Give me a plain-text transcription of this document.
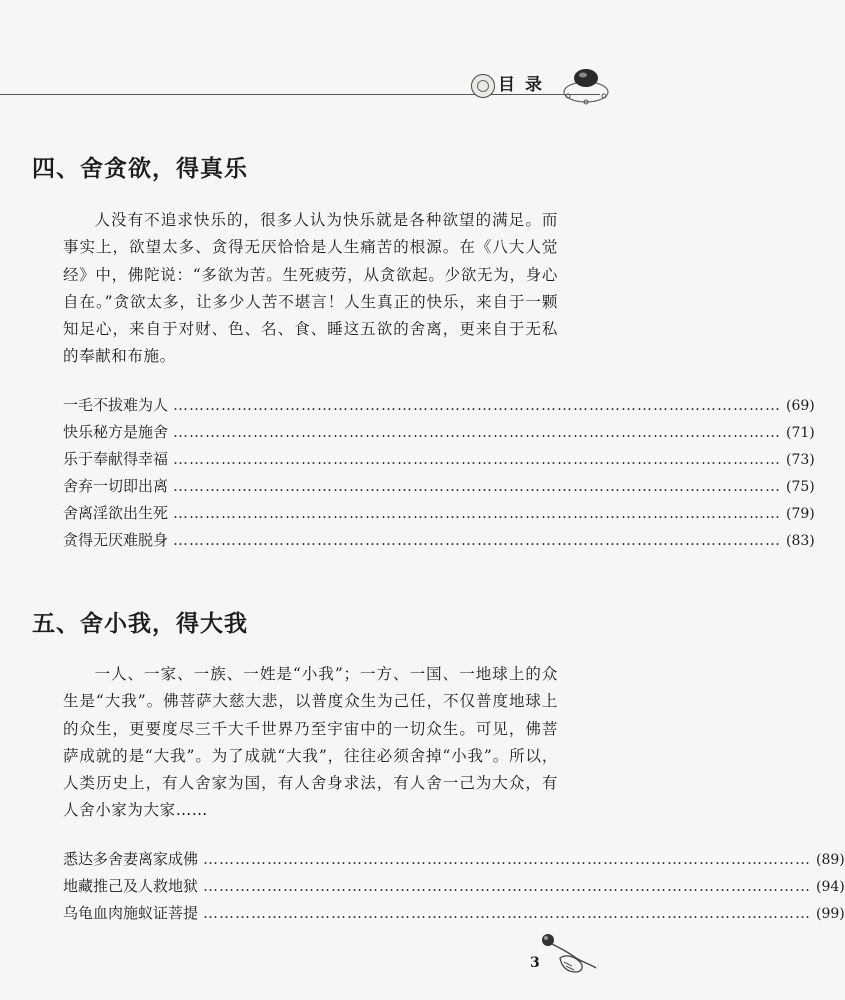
目录
四、舍贪欲，得真乐

人没有不追求快乐的，很多人认为快乐就是各种欲望的满足。而事实上，欲望太多、贪得无厌恰恰是人生痛苦的根源。在《八大人觉经》中，佛陀说：“多欲为苦。生死疲劳，从贪欲起。少欲无为，身心自在。”贪欲太多，让多少人苦不堪言！人生真正的快乐，来自于一颗知足心，来自于对财、色、名、食、睡这五欲的舍离，更来自于无私的奉献和布施。

一毛不拔难为人 …………………………………………………………………………………………………… (69)
快乐秘方是施舍 …………………………………………………………………………………………………… (71)
乐于奉献得幸福 …………………………………………………………………………………………………… (73)
舍弃一切即出离 …………………………………………………………………………………………………… (75)
舍离淫欲出生死 …………………………………………………………………………………………………… (79)
贪得无厌难脱身 …………………………………………………………………………………………………… (83)
五、舍小我，得大我

一人、一家、一族、一姓是“小我”；一方、一国、一地球上的众生是“大我”。佛菩萨大慈大悲，以普度众生为己任，不仅普度地球上的众生，更要度尽三千大千世界乃至宇宙中的一切众生。可见，佛菩萨成就的是“大我”。为了成就“大我”，往往必须舍掉“小我”。所以，人类历史上，有人舍家为国，有人舍身求法，有人舍一己为大众，有人舍小家为大家……

悉达多舍妻离家成佛 …………………………………………………………………………………………………… (89)
地藏推己及人救地狱 …………………………………………………………………………………………………… (94)
乌龟血肉施蚁证菩提 …………………………………………………………………………………………………… (99)
3
